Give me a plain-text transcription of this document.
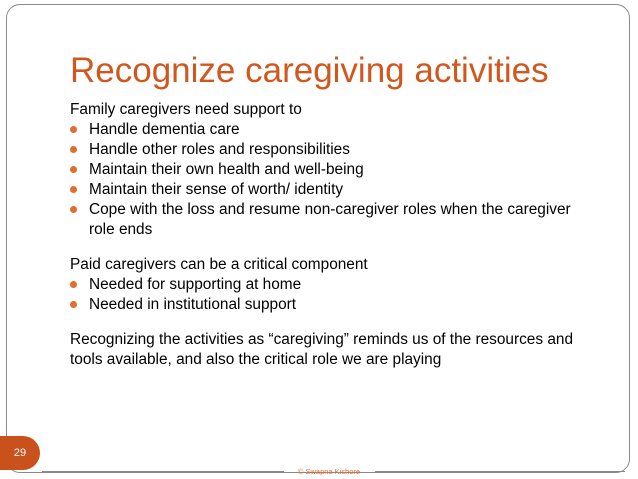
Recognize caregiving activities

Family caregivers need support to

Handle dementia care
Handle other roles and responsibilities
Maintain their own health and well-being
Maintain their sense of worth/ identity
Cope with the loss and resume non-caregiver roles when the caregiver role ends

Paid caregivers can be a critical component

Needed for supporting at home
Needed in institutional support

Recognizing the activities as “caregiving” reminds us of the resources and tools available, and also the critical role we are playing

29
© Swapna Kishore
